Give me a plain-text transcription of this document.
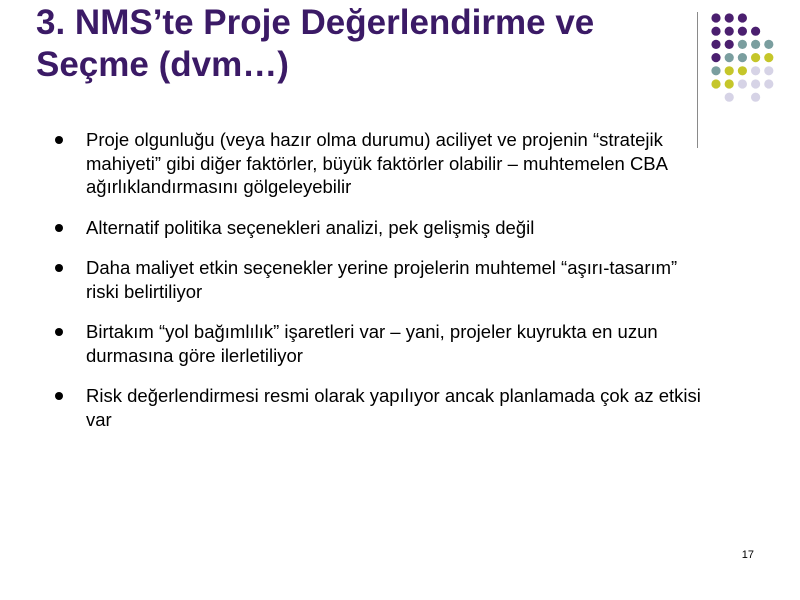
3. NMS’te Proje Değerlendirme ve Seçme (dvm…)
Proje olgunluğu (veya hazır olma durumu) aciliyet ve projenin “stratejik mahiyeti” gibi diğer faktörler, büyük faktörler olabilir – muhtemelen CBA ağırlıklandırmasını gölgeleyebilir
Alternatif politika seçenekleri analizi, pek gelişmiş değil
Daha maliyet etkin seçenekler yerine projelerin muhtemel “aşırı-tasarım” riski belirtiliyor
Birtakım “yol bağımlılık” işaretleri var – yani, projeler kuyrukta en uzun durmasına göre ilerletiliyor
Risk değerlendirmesi resmi olarak yapılıyor ancak planlamada çok az etkisi var
17
